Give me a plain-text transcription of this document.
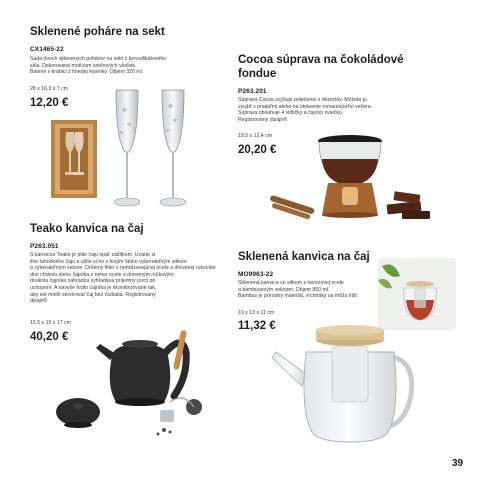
Sklenené poháre na sekt
CX1465-22
Sada dvoch sklenených pohárov na sekt z borosilikátového
skla. Dekorované motívom snehových vločiek.
Balené v krabici z hnedej lepenky. Objem 320 ml.
28 x 16,3 x 7 cm
12,20 €
✻
✻
✻
✻
✻
✻
Cocoa súprava na čokoládové
fondue
P263.201
Súprava Cocoa zvyšuje potešenie z dezertov. Môžete ju
využiť s priateľmi alebo na strávenie romantického večera.
Súprava obsahuje 4 vidličky a čajovú sviečku.
Registrovaný dizajn®
19,5 x 12,4 cm
20,20 €
Teako kanvica na čaj
P263.051
S kanvicou Teako je pitie čaju opäť zážitkom. Uvarte si
liter lahodného čaju a užite si ho s tvojím ľahko vyberateľným sitkom
a vyberateľným vekom. Drôtený filter z nehrdzavejúcej ocele a drevenej rukoväte
dno chránia stenu čajníka z nerez ocele a dreveným rúčkovým
dookola čajníka nahrádza vyhľadáva príjemný pocit pri
uchopení. A navyše hrdlo čajníka je skonštruované tak,
aby ste mohli servírovať čaj bez rozliatia. Registrovaný
dizajn®
15,5 x 15 x 17 cm
40,20 €
Sklenená kanvica na čaj
MO9963-22
Sklenená kanvica so sitkom z nerezovej ocele
a bambusovým veknom. Objem 850 ml.
Bambus je prírodný materiál, vrchnáky sa môžu líšiť.
19 x 13 x 11 cm
11,32 €
39
